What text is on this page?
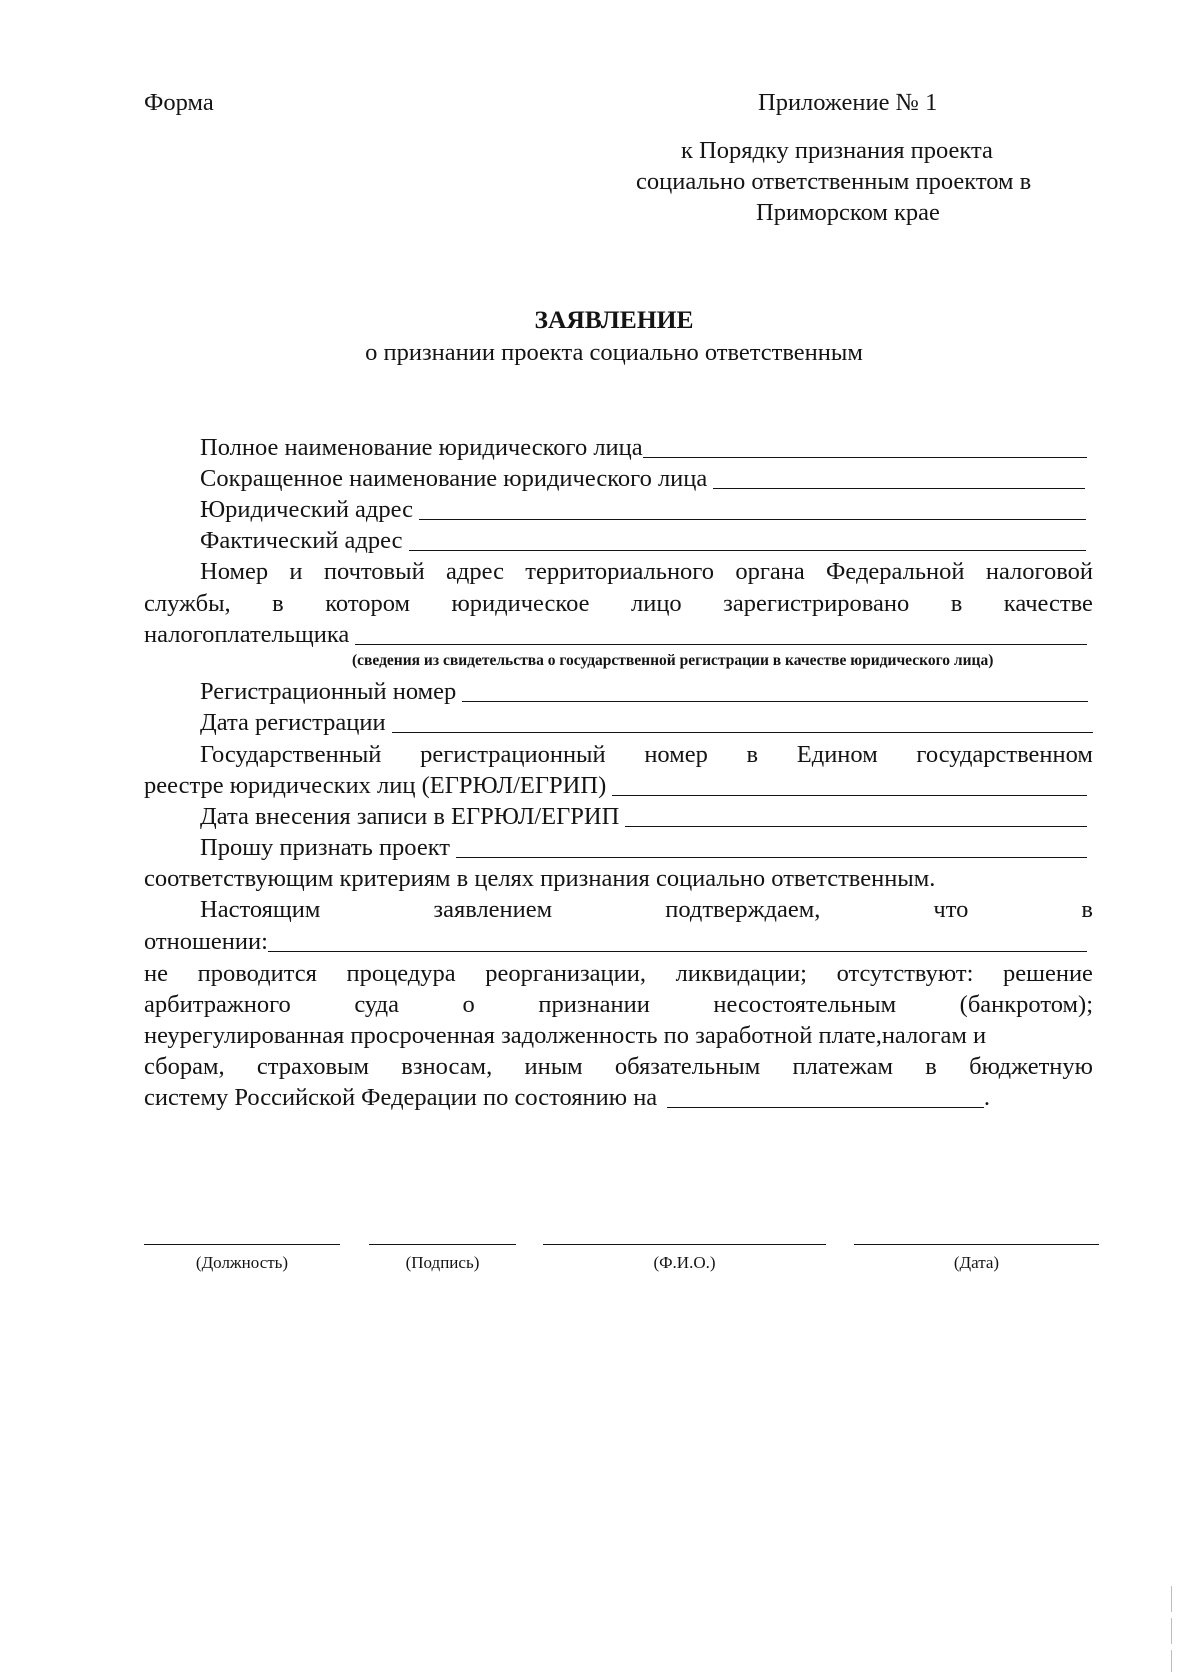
Форма	Приложение № 1
к Порядку признания проекта
социально ответственным проектом в
Приморском крае
ЗАЯВЛЕНИЕ
о признании проекта социально ответственным
Полное наименование юридического лица
Сокращенное наименование юридического лица
Юридический адрес
Фактический адрес
Номер и почтовый адрес территориального органа Федеральной налоговой
службы, в котором юридическое лицо зарегистрировано в качестве
налогоплательщика
(сведения из свидетельства о государственной регистрации в качестве юридического лица)
Регистрационный номер
Дата регистрации
Государственный регистрационный номер в Едином государственном
реестре юридических лиц (ЕГРЮЛ/ЕГРИП)
Дата внесения записи в ЕГРЮЛ/ЕГРИП
Прошу признать проект
соответствующим критериям в целях признания социально ответственным.
Настоящим	заявлением	подтверждаем,	что	в
отношении:
не проводится процедура реорганизации, ликвидации; отсутствуют: решение
арбитражного	суда	о	признании	несостоятельным	(банкротом);
неурегулированная просроченная задолженность по заработной плате,налогам и
сборам, страховым взносам, иным обязательным платежам в бюджетную
систему Российской Федерации по состоянию на	.
(Должность)	(Подпись)	(Ф.И.О.)	(Дата)
